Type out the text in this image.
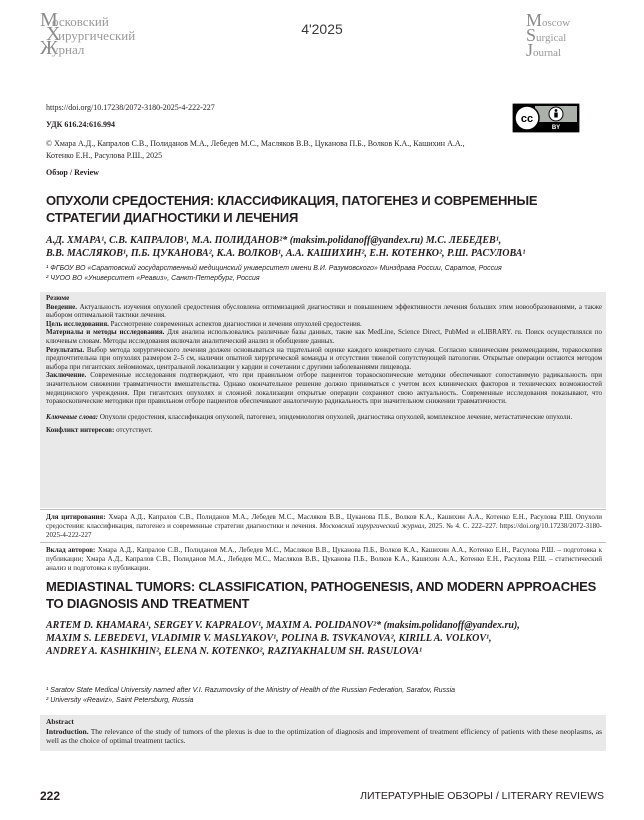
Московский
Хирургический
Журнал
4'2025	Moscow
Surgical
Journal
https://doi.org/10.17238/2072-3180-2025-4-222-227
УДК 616.24:616.994
© Хмара А.Д., Капралов С.В., Полиданов М.А., Лебедев М.С., Масляков В.В., Цуканова П.Б., Волков К.А., Кашихин А.А., Котенко Е.Н., Расулова Р.Ш., 2025
cc
BY
Обзор / Review
ОПУХОЛИ СРЕДОСТЕНИЯ: КЛАССИФИКАЦИЯ, ПАТОГЕНЕЗ И СОВРЕМЕННЫЕ СТРАТЕГИИ ДИАГНОСТИКИ И ЛЕЧЕНИЯ
А.Д. ХМАРА¹, С.В. КАПРАЛОВ¹, М.А. ПОЛИДАНОВ²* (maksim.polidanoff@yandex.ru) М.С. ЛЕБЕДЕВ¹,
В.В. МАСЛЯКОВ¹, П.Б. ЦУКАНОВА², К.А. ВОЛКОВ¹, А.А. КАШИХИН², Е.Н. КОТЕНКО², Р.Ш. РАСУЛОВА¹
¹ ФГБОУ ВО «Саратовский государственный медицинский университет имени В.И. Разумовского» Минздрава России, Саратов, Россия
² ЧУОО ВО «Университет «Реавиз», Санкт-Петербург, Россия

Резюме

Введение. Актуальность изучения опухолей средостения обусловлена оптимизацией диагностики и повышением эффективности лечения больших этим новообразованиями, а также выбором оптимальной тактики лечения.

Цель исследования. Рассмотрение современных аспектов диагностики и лечения опухолей средостения.

Материалы и методы исследования. Для анализа использовались различные базы данных, такие как MedLine, Science Direct, PubMed и eLIBRARY. ru. Поиск осуществлялся по ключевым словам. Методы исследования включали аналитический анализ и обобщение данных.

Результаты. Выбор метода хирургического лечения должен основываться на тщательной оценке каждого конкретного случая. Согласно клиническим рекомендациям, торакоскопия предпочтительна при опухолях размером 2–5 см, наличии опытной хирургической команды и отсутствии тяжелой сопутствующей патологии. Открытые операции остаются методом выбора при гигантских лейомиомах, центральной локализации у кардии и сочетании с другими заболеваниями пищевода.

Заключение. Современные исследования подтверждают, что при правильном отборе пациентов торакоскопические методики обеспечивают сопоставимую радикальность при значительном снижении травматичности вмешательства. Однако окончательное решение должно приниматься с учетом всех клинических факторов и технических возможностей медицинского учреждения. При гигантских опухолях и сложной локализации открытые операции сохраняют свою актуальность. Современные исследования показывают, что торакоскопические методики при правильном отборе пациентов обеспечивают аналогичную радикальность при значительном снижении травматичности.

Ключевые слова: Опухоли средостения, классификация опухолей, патогенез, эпидемиология опухолей, диагностика опухолей, комплексное лечение, метастатические опухоли.

Конфликт интересов: отсутствует.

Для цитирования: Хмара А.Д., Капралов С.В., Полиданов М.А., Лебедев М.С., Масляков В.В., Цуканова П.Б., Волков К.А., Кашихин А.А., Котенко Е.Н., Расулова Р.Ш. Опухоли средостения: классификация, патогенез и современные стратегии диагностики и лечения. Московский хирургический журнал, 2025. № 4. С. 222–227. https://doi.org/10.17238/2072-3180-2025-4-222-227
Вклад авторов: Хмара А.Д., Капралов С.В., Полиданов М.А., Лебедев М.С., Масляков В.В., Цуканова П.Б., Волков К.А., Кашихин А.А., Котенко Е.Н., Расулова Р.Ш. – подготовка к публикации; Хмара А.Д., Капралов С.В., Полиданов М.А., Лебедев М.С., Масляков В.В., Цуканова П.Б., Волков К.А., Кашихин А.А., Котенко Е.Н., Расулова Р.Ш. – статистический анализ и подготовка к публикации.
MEDIASTINAL TUMORS: CLASSIFICATION, PATHOGENESIS, AND MODERN APPROACHES TO DIAGNOSIS AND TREATMENT
ARTEM D. KHAMARA¹, SERGEY V. KAPRALOV¹, MAXIM A. POLIDANOV²* (maksim.polidanoff@yandex.ru),
MAXIM S. LEBEDEV1, VLADIMIR V. MASLYAKOV¹, POLINA B. TSVKANOVA², KIRILL A. VOLKOV¹,
ANDREY A. KASHIKHIN², ELENA N. KOTENKO², RAZIYAKHALUM SH. RASULOVA¹
¹ Saratov State Medical University named after V.I. Razumovsky of the Ministry of Health of the Russian Federation, Saratov, Russia
² University «Reaviz», Saint Petersburg, Russia

Abstract

Introduction. The relevance of the study of tumors of the plexus is due to the optimization of diagnosis and improvement of treatment efficiency of patients with these neoplasms, as well as the choice of optimal treatment tactics.

222	ЛИТЕРАТУРНЫЕ ОБЗОРЫ / LITERARY REVIEWS
